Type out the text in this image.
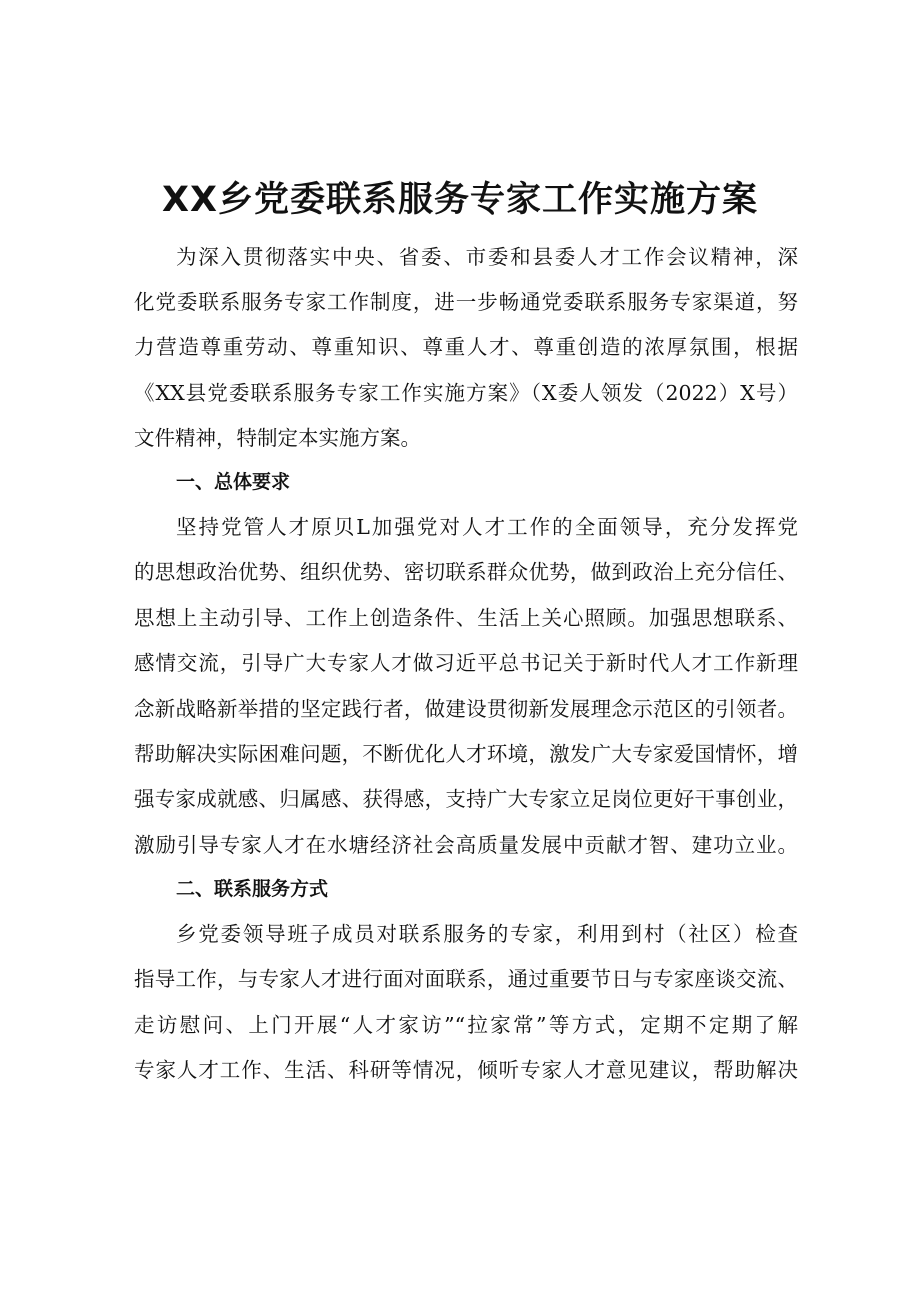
XX乡党委联系服务专家工作实施方案

为深入贯彻落实中央、省委、市委和县委人才工作会议精神，深

化党委联系服务专家工作制度，进一步畅通党委联系服务专家渠道，努

力营造尊重劳动、尊重知识、尊重人才、尊重创造的浓厚氛围，根据

《XX县党委联系服务专家工作实施方案》（X委人领发（2022）X号）

文件精神，特制定本实施方案。

一、总体要求

坚持党管人才原贝L加强党对人才工作的全面领导，充分发挥党

的思想政治优势、组织优势、密切联系群众优势，做到政治上充分信任、

思想上主动引导、工作上创造条件、生活上关心照顾。加强思想联系、

感情交流，引导广大专家人才做习近平总书记关于新时代人才工作新理

念新战略新举措的坚定践行者，做建设贯彻新发展理念示范区的引领者。

帮助解决实际困难问题，不断优化人才环境，激发广大专家爱国情怀，增

强专家成就感、归属感、获得感，支持广大专家立足岗位更好干事创业，

激励引导专家人才在水塘经济社会高质量发展中贡献才智、建功立业。

二、联系服务方式

乡党委领导班子成员对联系服务的专家，利用到村（社区）检查

指导工作，与专家人才进行面对面联系，通过重要节日与专家座谈交流、

走访慰问、上门开展“人才家访”“拉家常”等方式，定期不定期了解

专家人才工作、生活、科研等情况，倾听专家人才意见建议，帮助解决
